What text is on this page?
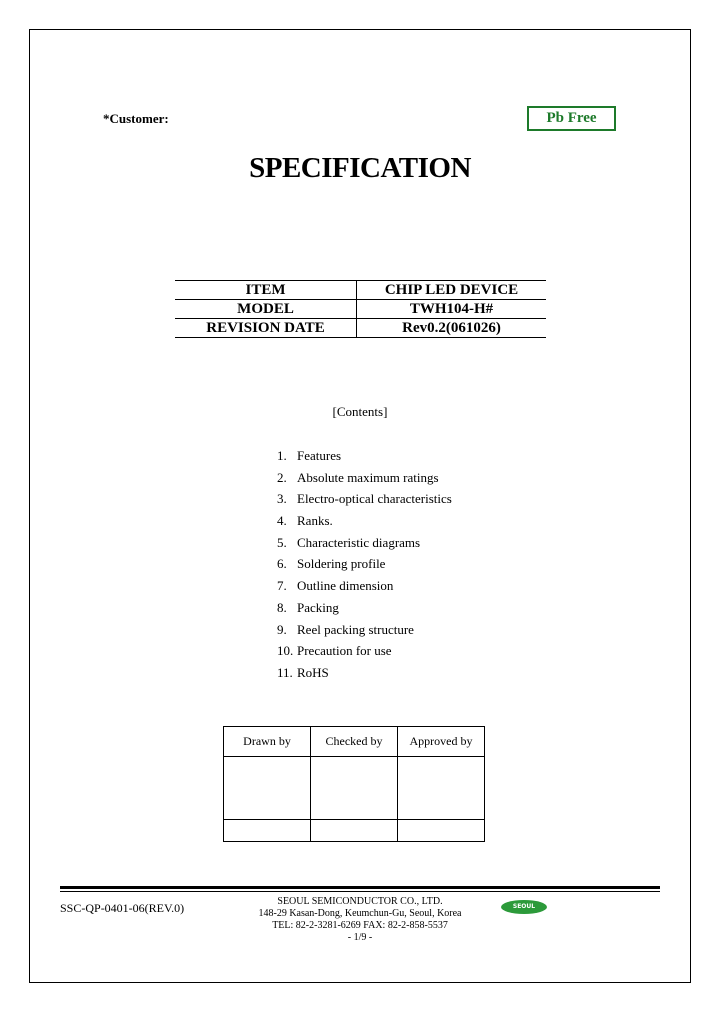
*Customer:	Pb Free
SPECIFICATION
ITEM	CHIP LED DEVICE
MODEL	TWH104-H#
REVISION DATE	Rev0.2(061026)
[Contents]
1. Features
2. Absolute maximum ratings
3. Electro-optical characteristics
4. Ranks.
5. Characteristic diagrams
6. Soldering profile
7. Outline dimension
8. Packing
9. Reel packing structure
10. Precaution for use
11. RoHS
Drawn by	Checked by	Approved by

SSC-QP-0401-06(REV.0)	SEOUL SEMICONDUCTOR CO., LTD.
148-29 Kasan-Dong, Keumchun-Gu, Seoul, Korea
TEL: 82-2-3281-6269 FAX: 82-2-858-5537
- 1/9 -
SEOUL
